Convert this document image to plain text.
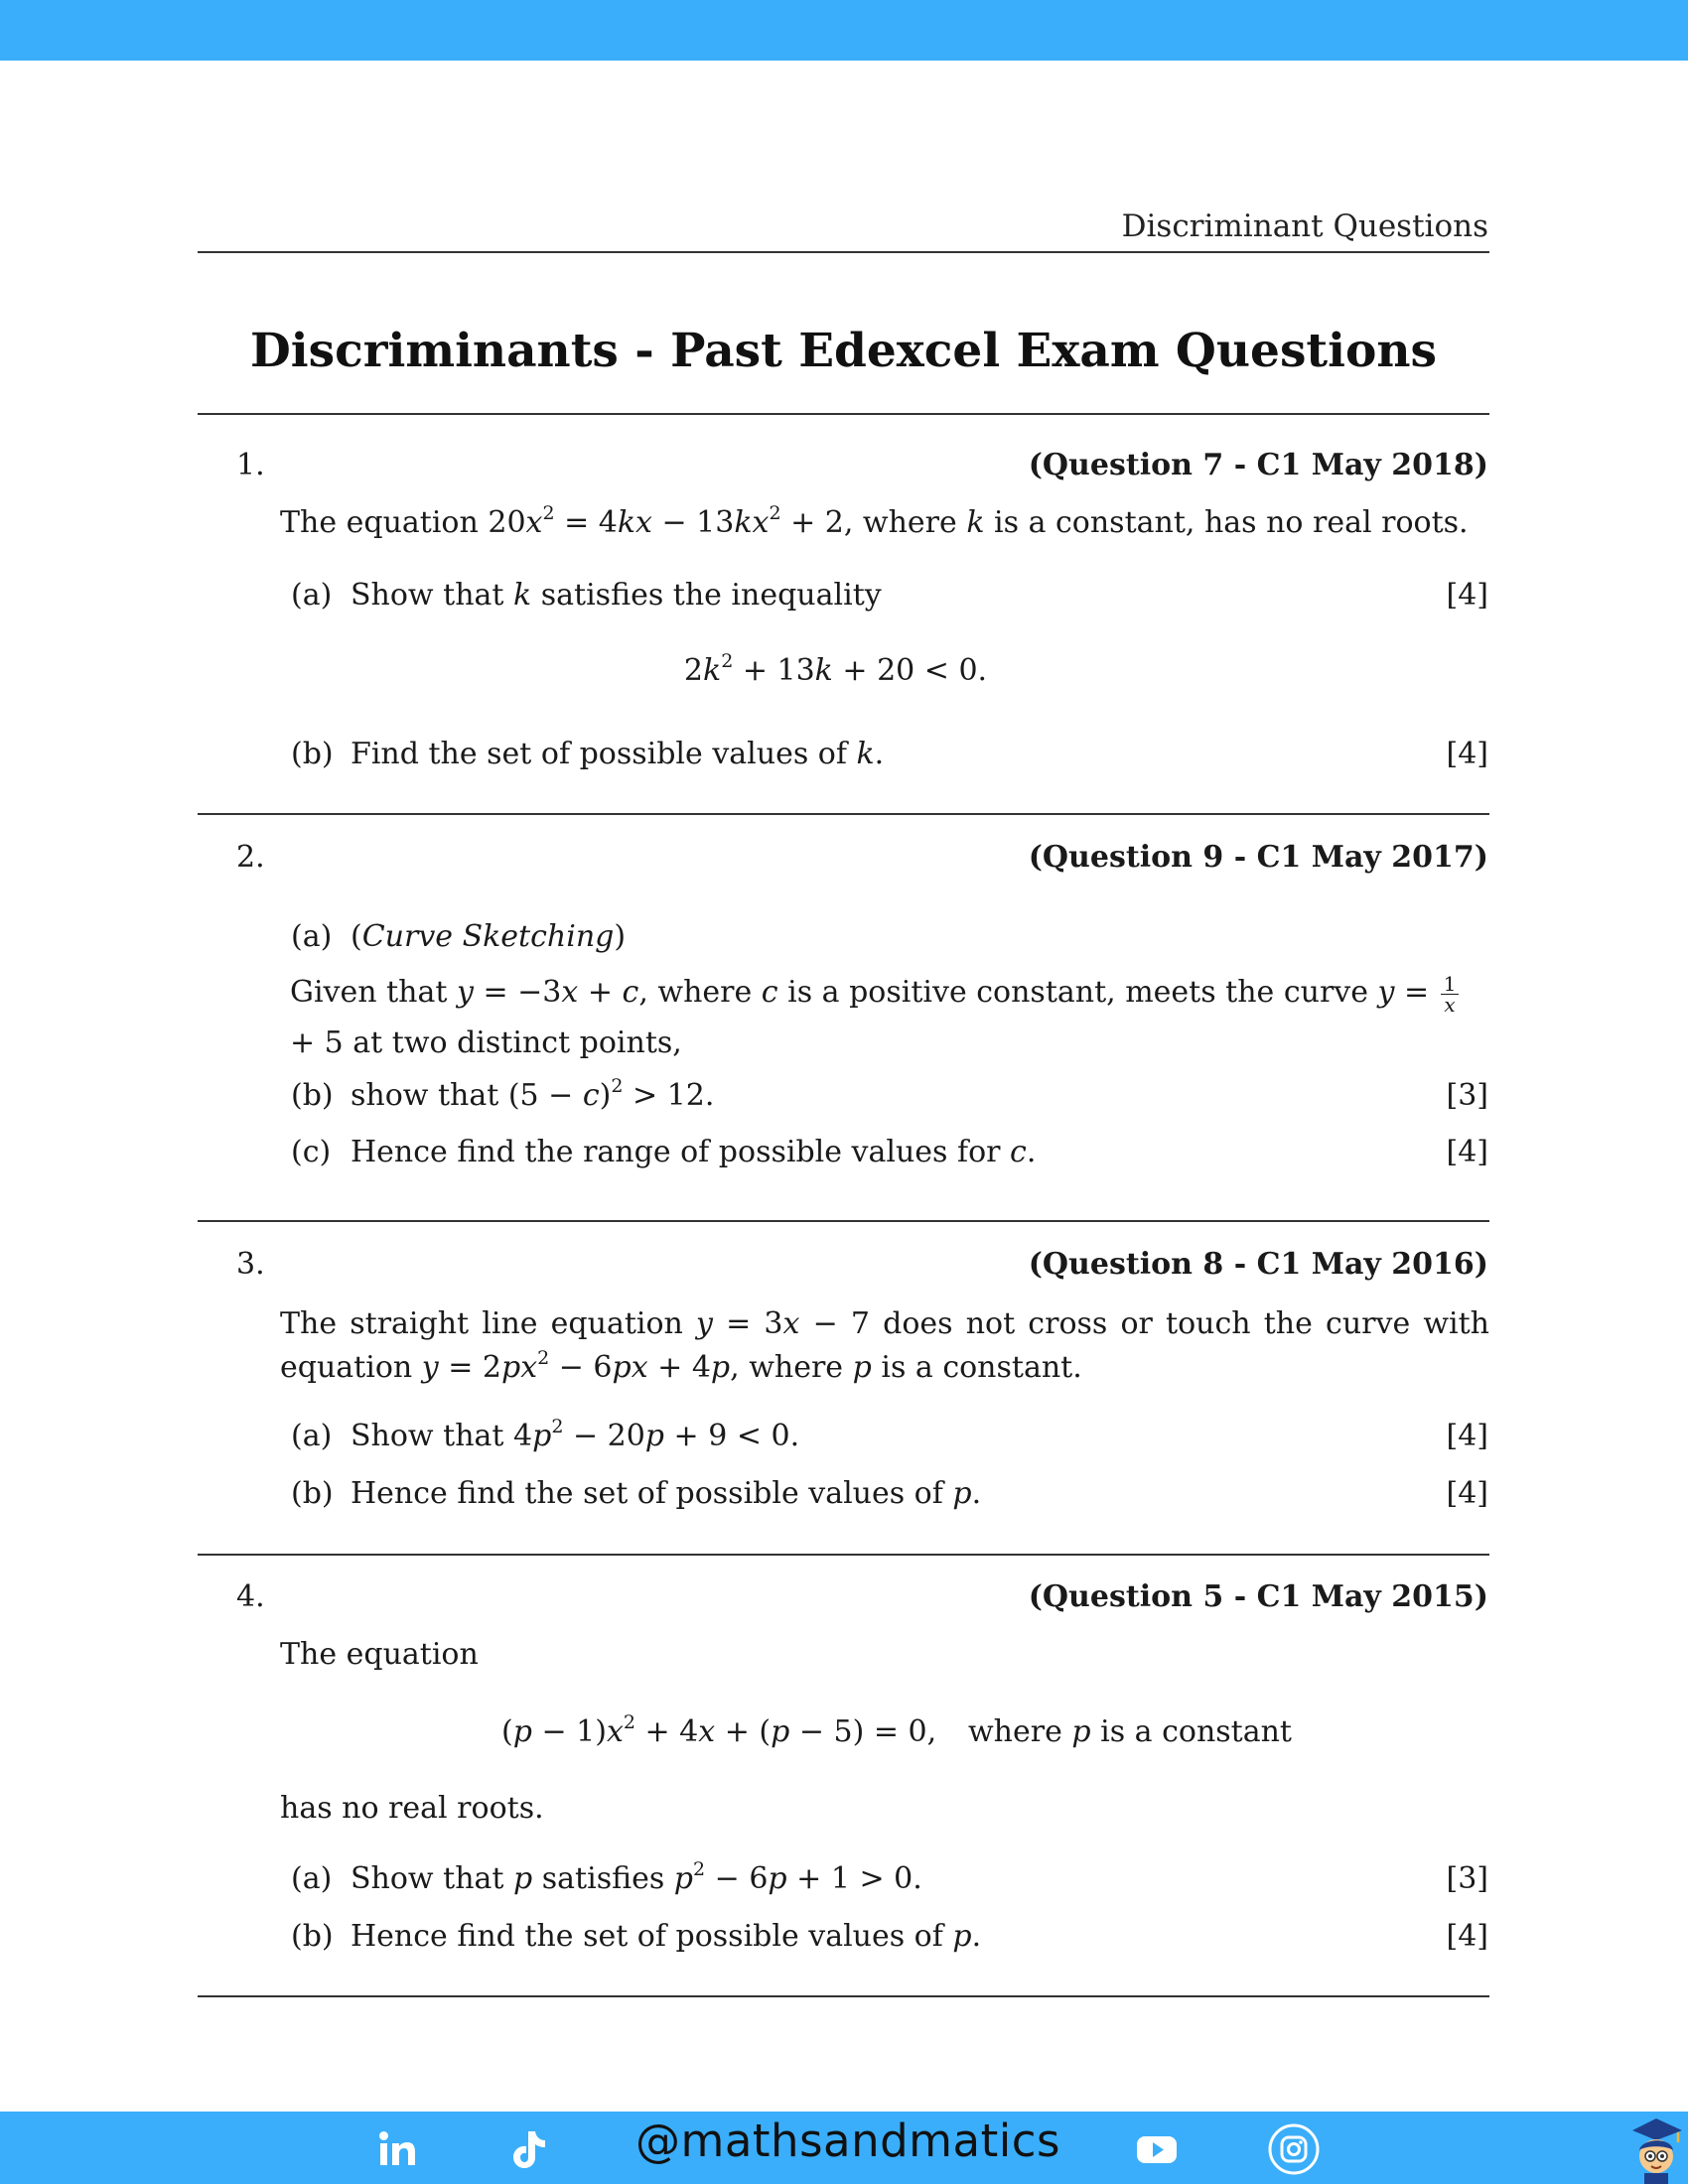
Discriminant Questions
Discriminants - Past Edexcel Exam Questions
1.	(Question 7 - C1 May 2018)
The equation $20x^2 = 4kx - 13kx^2 + 2$, where k is a constant, has no real roots.
(a) Show that k satisfies the inequality	[4]
$2k^2 + 13k + 20 < 0$.
(b) Find the set of possible values of k.	[4]
2.	(Question 9 - C1 May 2017)
(a) (Curve Sketching)
Given that y = −3x + c, where c is a positive constant, meets the curve $y = \frac{1}{x}$
+ 5 at two distinct points,
(b) show that $(5 - c)^2 > 12$.	[3]
(c) Hence find the range of possible values for c.	[4]
3.	(Question 8 - C1 May 2016)
The straight line equation y = 3x − 7 does not cross or touch the curve with equation $y = 2px^2 - 6px + 4p$, where p is a constant.
(a) Show that $4p^2 - 20p + 9 < 0$.	[4]
(b) Hence find the set of possible values of p.	[4]
4.	(Question 5 - C1 May 2015)
The equation
$(p - 1)x^2 + 4x + (p - 5) = 0$, where p is a constant
has no real roots.
(a) Show that p satisfies $p^2 - 6p + 1 > 0$.	[3]
(b) Hence find the set of possible values of p.	[4]
@mathsandmatics
